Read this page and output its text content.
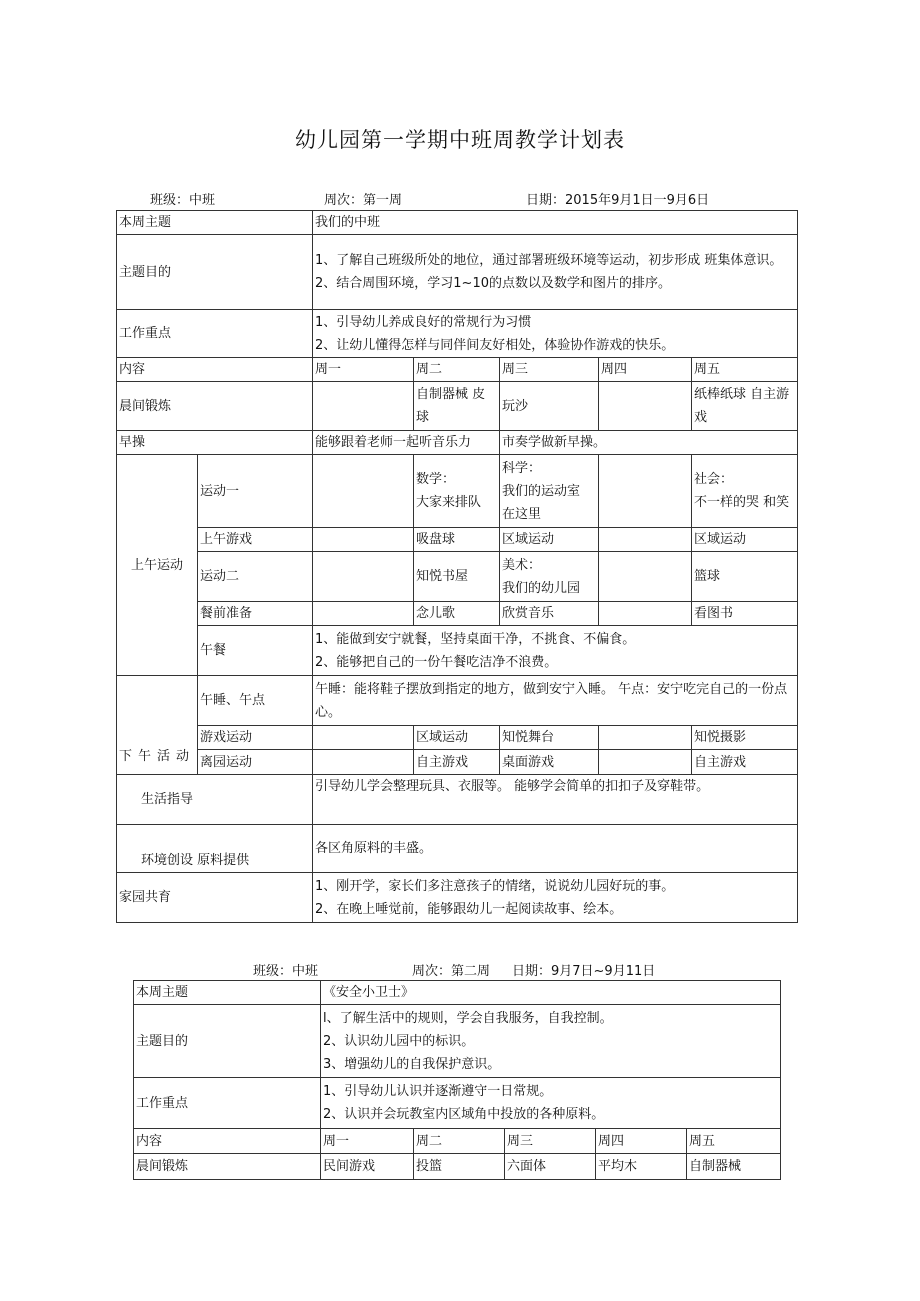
幼儿园第一学期中班周教学计划表
班级：中班	周次：第一周	日期：2015年9月1日一9月6日
本周主题		我们的中班				
主题目的		1、了解自己班级所处的地位，通过部署班级环境等运动，初步形成 班集体意识。
2、结合周围环境，学习1~10的点数以及数学和图片的排序。				

工作重点		1、引导幼儿养成良好的常规行为习惯
2、让幼儿懂得怎样与同伴间友好相处，体验协作游戏的快乐。				

内容		周一	周二	周三	周四	周五
晨间锻炼			自制器械 皮球	玩沙		纸棒纸球 自主游戏
早操		能够跟着老师一起听音乐力		市奏学做新早操。		
上午运动	运动一		数学：
大家来排队	科学：
我们的运动室
在这里		社会：
不一样的哭 和笑

	上午游戏		吸盘球	区域运动		区域运动
	运动二		知悦书屋	美术：
我们的幼儿园		篮球
	餐前准备		念儿歌	欣赏音乐		看图书
	午餐	1、能做到安宁就餐，坚持桌面干净，不挑食、不偏食。
2、能够把自己的一份午餐吃洁净不浪费。				

下午活动	午睡、午点	午睡：能将鞋子摆放到指定的地方，做到安宁入睡。 午点：安宁吃完自己的一份点心。				
	游戏运动		区域运动	知悦舞台		知悦摄影
	离园运动		自主游戏	桌面游戏		自主游戏
生活指导		引导幼儿学会整理玩具、衣服等。 能够学会简单的扣扣子及穿鞋带。				
环境创设 原料提供		各区角原料的丰盛。				
家园共育		1、刚开学，家长们多注意孩子的情绪，说说幼儿园好玩的事。
2、在晚上唾觉前，能够跟幼儿一起阅读故事、绘本。				
班级：中班	周次：第二周 日期：9月7日~9月11日
本周主题	《安全小卫士》				
主题目的	l、了解生活中的规则，学会自我服务，自我控制。
2、认识幼儿园中的标识。
3、增强幼儿的自我保护意识。				

工作重点	1、引导幼儿认识并逐渐遵守一日常规。
2、认识并会玩教室内区域角中投放的各种原料。				

内容	周一	周二	周三	周四	周五
晨间锻炼	民间游戏	投篮	六面体	平均木	自制器械
